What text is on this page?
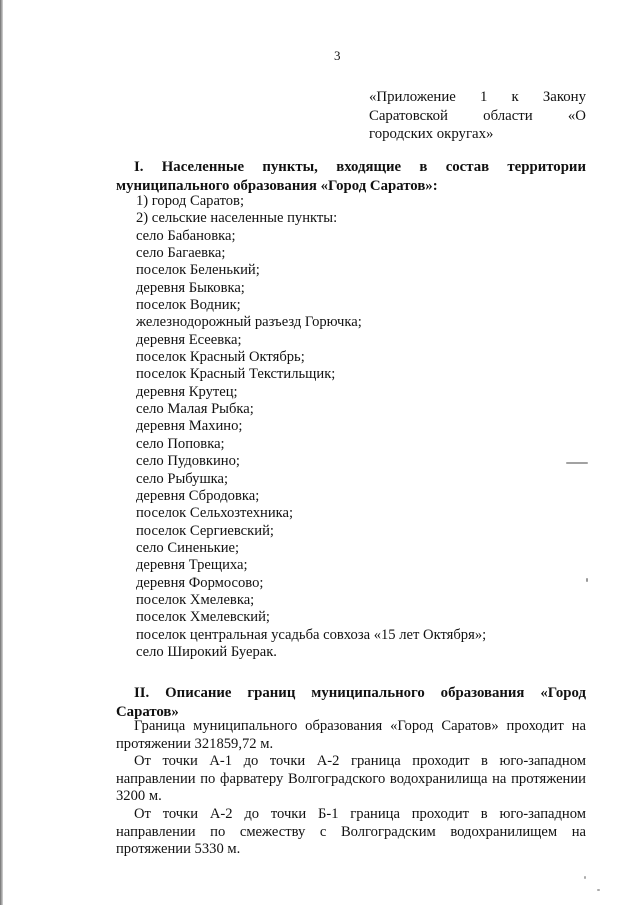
3
«Приложение 1 к Закону Саратовской области «О городских округах»
I. Населенные пункты, входящие в состав территории муниципального образования «Город Саратов»:
1) город Саратов;
2) сельские населенные пункты:
село Бабановка;
село Багаевка;
поселок Беленький;
деревня Быковка;
поселок Водник;
железнодорожный разъезд Горючка;
деревня Есеевка;
поселок Красный Октябрь;
поселок Красный Текстильщик;
деревня Крутец;
село Малая Рыбка;
деревня Махино;
село Поповка;
село Пудовкино;
село Рыбушка;
деревня Сбродовка;
поселок Сельхозтехника;
поселок Сергиевский;
село Синенькие;
деревня Трещиха;
деревня Формосово;
поселок Хмелевка;
поселок Хмелевский;
поселок центральная усадьба совхоза «15 лет Октября»;
село Широкий Буерак.
II. Описание границ муниципального образования «Город Саратов»

Граница муниципального образования «Город Саратов» проходит на протяжении 321859,72 м.

От точки А-1 до точки А-2 граница проходит в юго-западном направлении по фарватеру Волгоградского водохранилища на протяжении 3200 м.

От точки А-2 до точки Б-1 граница проходит в юго-западном направлении по смежеству с Волгоградским водохранилищем на протяжении 5330 м.
